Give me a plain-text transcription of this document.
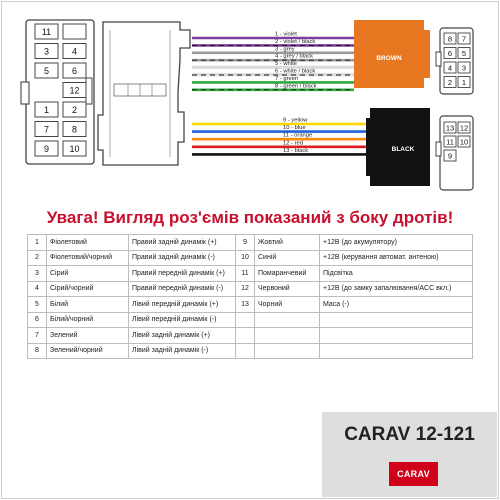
11
3	4
5	6
12
1	2
7	8
9 10
1 - violet
2 - violet / black
3 - grey
4 - grey / black
5 - white
6 - white / black
7 - green
8 - green / black
9 - yellow
10 - blue
11 - orange
12 - red
13 - black
BROWN
BLACK
8 7
6 5
4 3
2 1
13 12
11 10
9
Увага! Вигляд роз'ємів показаний з боку дротів!
1	Фіолетовий	Правий задній динамік (+)	9	Жовтий	+12В (до акумулятору)
2	Фіолетовий/чорний	Правий задній динамік (-)	10	Синій	+12В (керування автомат. антеною)
3	Сірий	Правий передній динамік (+)	11	Помаранчевий	Підсвітка
4	Сірий/чорний	Правий передній динамік (-)	12	Червоний	+12В (до замку запалювання/ACC вкл.)
5	Білий	Лівий передній динамік (+)	13	Чорний	Маса (-)
6	Білий/чорний	Лівий передній динамік (-)			
7	Зелений	Лівий задній динамік (+)			
8	Зелений/чорний	Лівий задній динамік (-)			
CARAV 12-121
CARAV
